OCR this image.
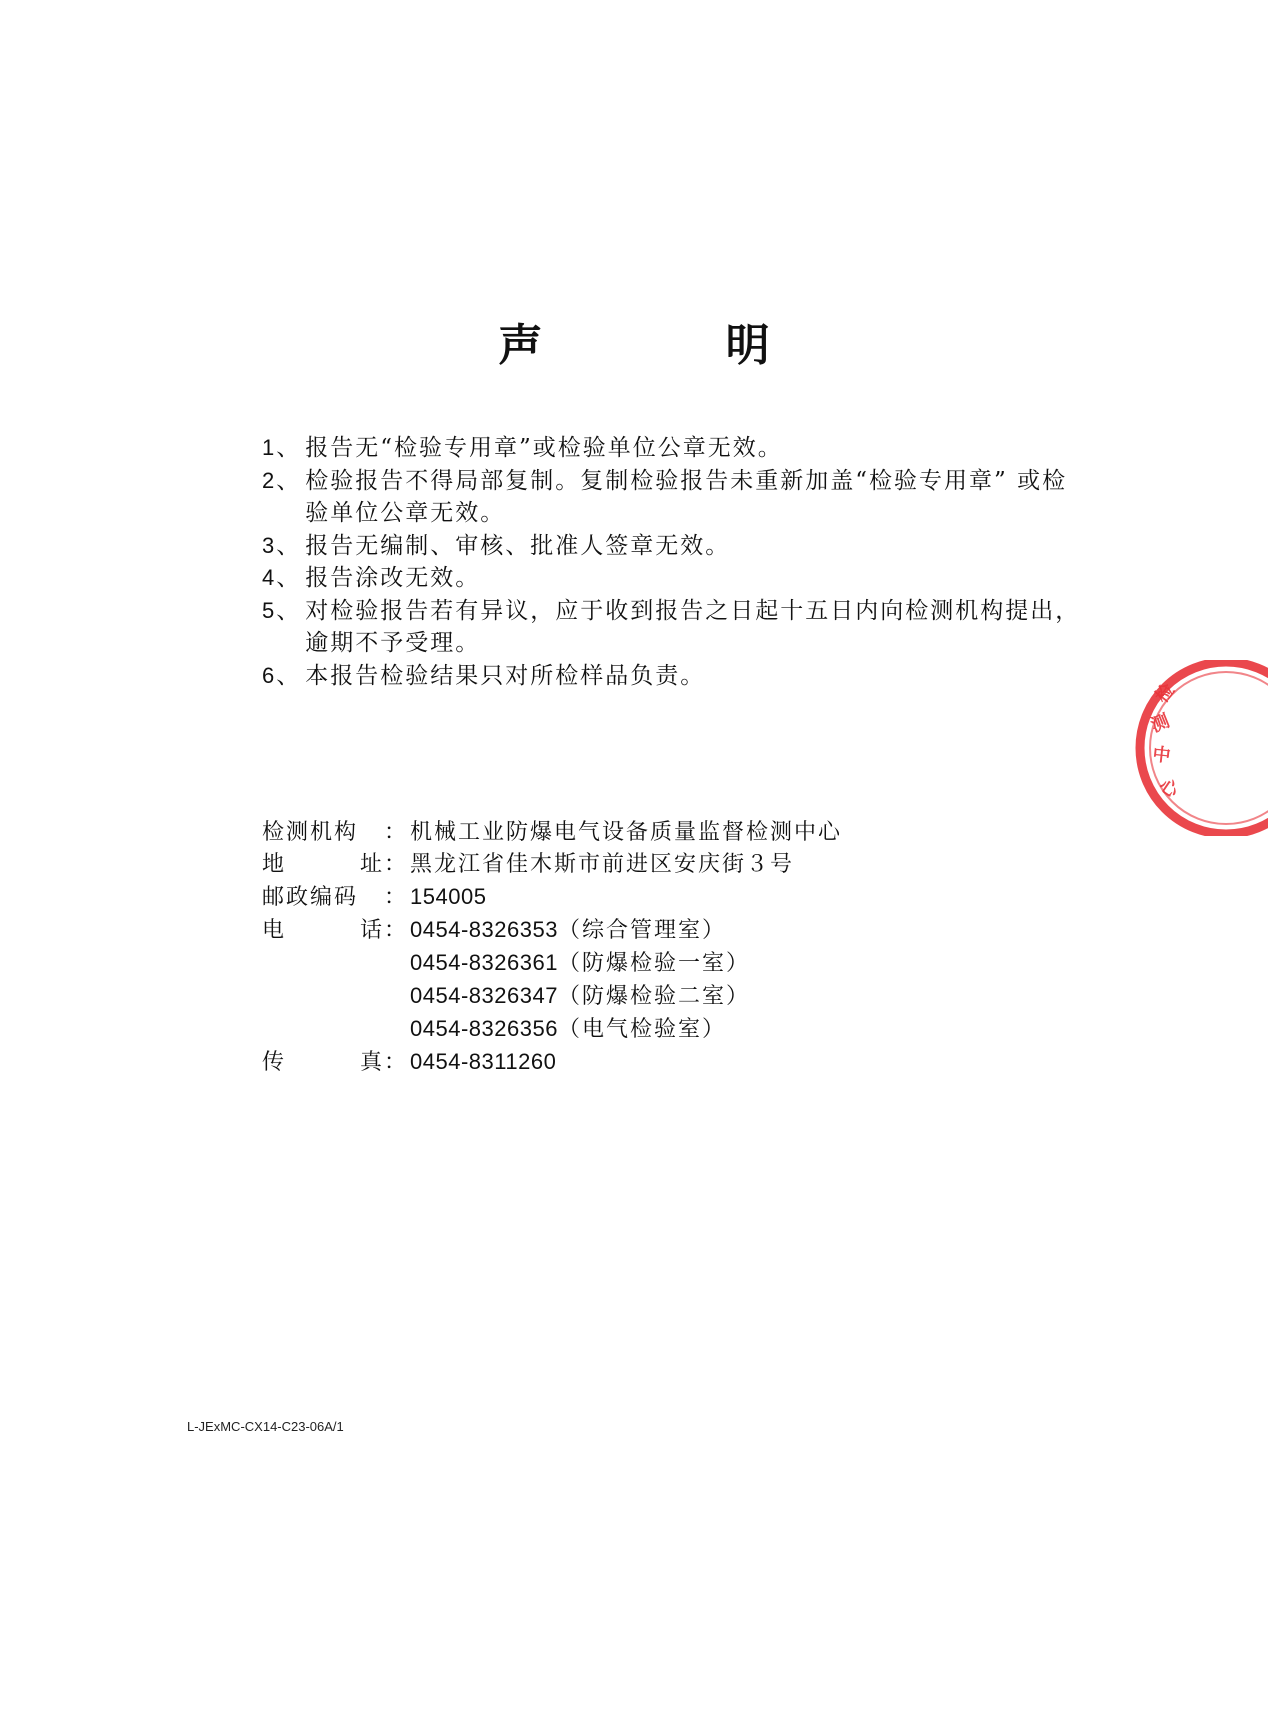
声 明
1 、 报告无“检验专用章”或检验单位公章无效。
2 、 检验报告不得局部复制。复制检验报告未重新加盖“检验专用章” 或检验单位公章无效。
3 、 报告无编制、审核、批准人签章无效。
4 、 报告涂改无效。
5 、 对检验报告若有异议，应于收到报告之日起十五日内向检测机构提出，逾期不予受理。
6 、 本报告检验结果只对所检样品负责。
检测机构	： 机械工业防爆电气设备质量监督检测中心
地	址 ： 黑龙江省佳木斯市前进区安庆街３号
邮政编码	： 154005
电	话 ： 0454-8326353（综合管理室）
0454-8326361（防爆检验一室）
0454-8326347（防爆检验二室）
0454-8326356（电气检验室）
传	真 ： 0454-8311260
L-JExMC-CX14-C23-06A/1
检
测
中
心
